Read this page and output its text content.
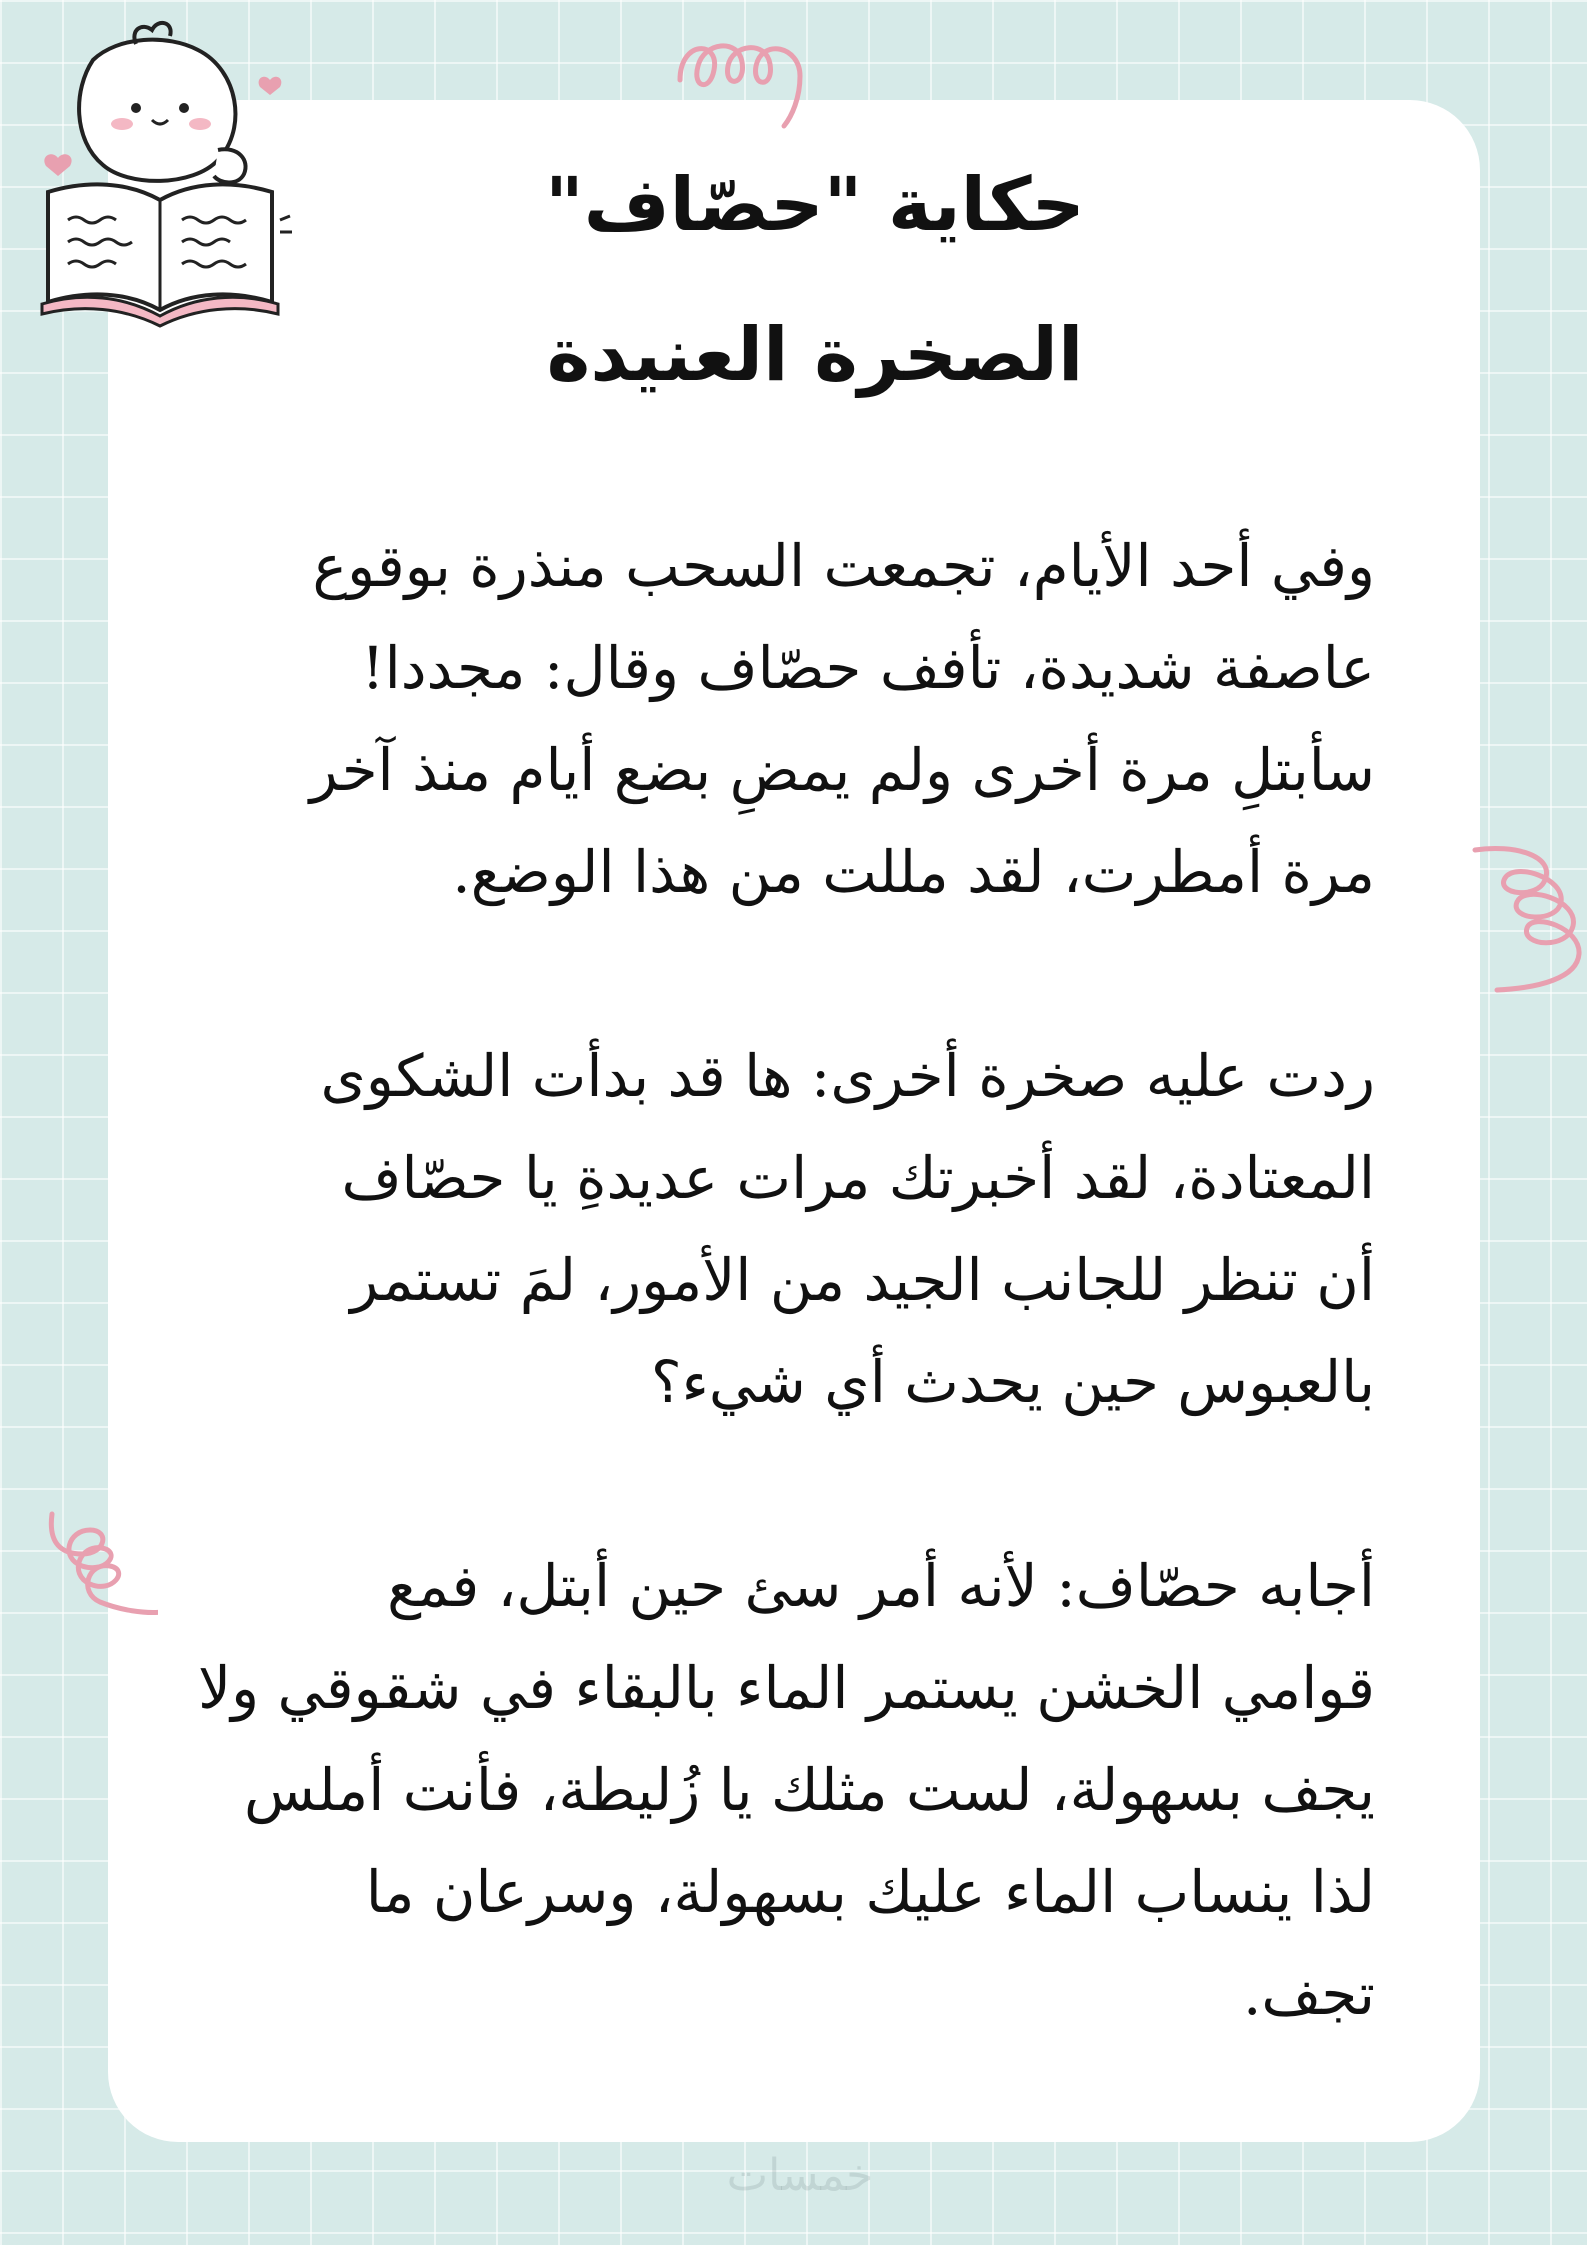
حكاية "حصّاف"
الصخرة العنيدة

وفي أحد الأيام، تجمعت السحب منذرة بوقوع
عاصفة شديدة، تأفف حصّاف وقال: مجددا!
سأبتلِ مرة أخرى ولم يمضِ بضع أيام منذ آخر
مرة أمطرت، لقد مللت من هذا الوضع.

ردت عليه صخرة أخرى: ها قد بدأت الشكوى
المعتادة، لقد أخبرتك مرات عديدةِ يا حصّاف
أن تنظر للجانب الجيد من الأمور، لمَ تستمر
بالعبوس حين يحدث أي شيء؟

أجابه حصّاف: لأنه أمر سئ حين أبتل، فمع
قوامي الخشن يستمر الماء بالبقاء في شقوقي ولا
يجف بسهولة، لست مثلك يا زُليطة، فأنت أملس
لذا ينساب الماء عليك بسهولة، وسرعان ما
تجف.

خمسات
